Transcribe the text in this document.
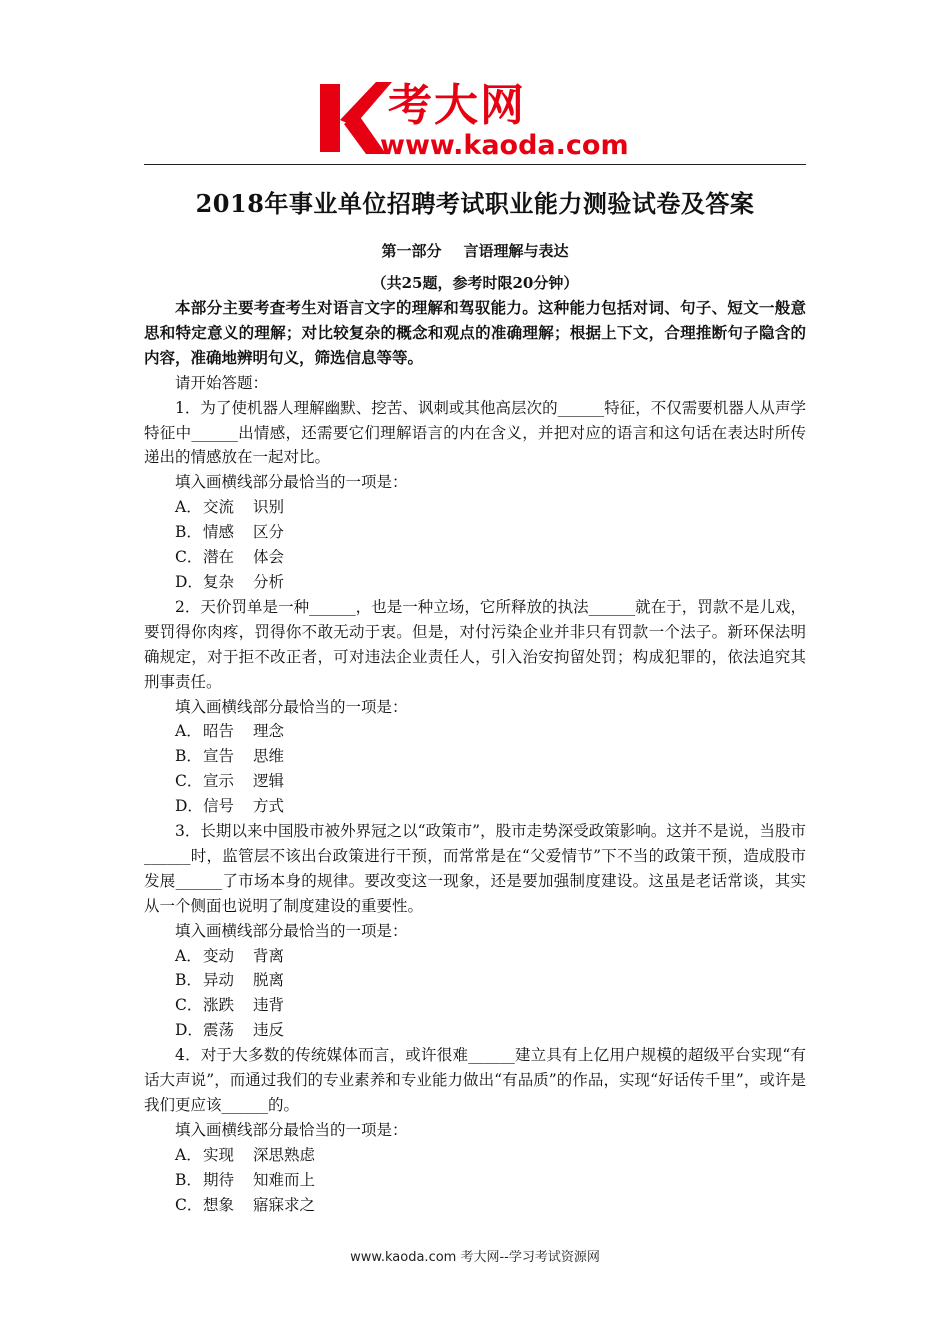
考大网
www.kaoda.com
2018年事业单位招聘考试职业能力测验试卷及答案
第一部分 言语理解与表达
（共25题，参考时限20分钟）

本部分主要考查考生对语言文字的理解和驾驭能力。这种能力包括对词、句子、短文一般意思和特定意义的理解；对比较复杂的概念和观点的准确理解；根据上下文，合理推断句子隐含的内容，准确地辨明句义，筛选信息等等。

请开始答题：

1．为了使机器人理解幽默、挖苦、讽刺或其他高层次的______特征，不仅需要机器人从声学特征中______出情感，还需要它们理解语言的内在含义，并把对应的语言和这句话在表达时所传递出的情感放在一起对比。

填入画横线部分最恰当的一项是：

A．交流 识别
B．情感 区分
C．潜在 体会
D．复杂 分析

2．天价罚单是一种______，也是一种立场，它所释放的执法______就在于，罚款不是儿戏，要罚得你肉疼，罚得你不敢无动于衷。但是，对付污染企业并非只有罚款一个法子。新环保法明确规定，对于拒不改正者，可对违法企业责任人，引入治安拘留处罚；构成犯罪的，依法追究其刑事责任。

填入画横线部分最恰当的一项是：

A．昭告 理念
B．宣告 思维
C．宣示 逻辑
D．信号 方式

3．长期以来中国股市被外界冠之以“政策市”，股市走势深受政策影响。这并不是说，当股市______时，监管层不该出台政策进行干预，而常常是在“父爱情节”下不当的政策干预，造成股市发展______了市场本身的规律。要改变这一现象，还是要加强制度建设。这虽是老话常谈，其实从一个侧面也说明了制度建设的重要性。

填入画横线部分最恰当的一项是：

A．变动 背离
B．异动 脱离
C．涨跌 违背
D．震荡 违反

4．对于大多数的传统媒体而言，或许很难______建立具有上亿用户规模的超级平台实现“有话大声说”，而通过我们的专业素养和专业能力做出“有品质”的作品，实现“好话传千里”，或许是我们更应该______的。

填入画横线部分最恰当的一项是：

A．实现 深思熟虑
B．期待 知难而上
C．想象 寤寐求之
www.kaoda.com 考大网--学习考试资源网
